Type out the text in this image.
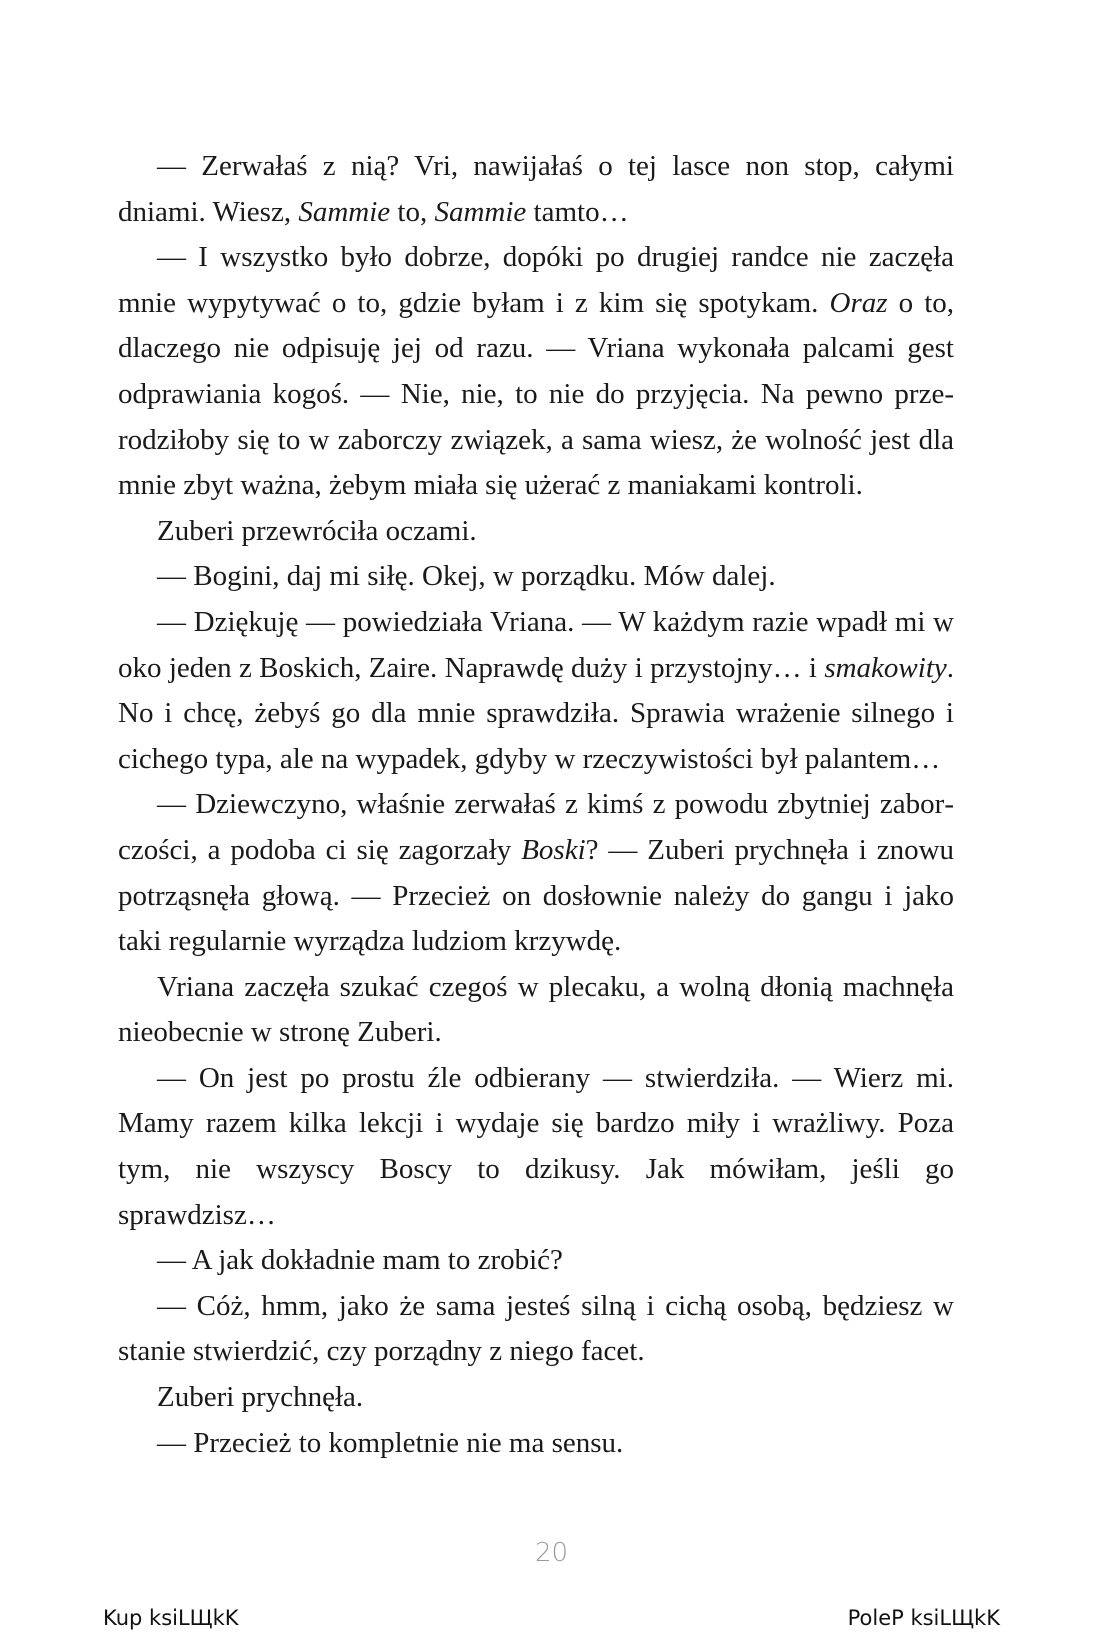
— Zerwałaś z nią? Vri, nawijałaś o tej lasce non stop, całymi dniami. Wiesz, Sammie to, Sammie tamto…

— I wszystko było dobrze, dopóki po drugiej randce nie zaczęła mnie wypytywać o to, gdzie byłam i z kim się spotykam. Oraz o to, dlaczego nie odpisuję jej od razu. — Vriana wykonała palcami gest odprawiania kogoś. — Nie, nie, to nie do przyjęcia. Na pewno przerodziłoby się to w zaborczy związek, a sama wiesz, że wolność jest dla mnie zbyt ważna, żebym miała się użerać z maniakami kontroli.

Zuberi przewróciła oczami.

— Bogini, daj mi siłę. Okej, w porządku. Mów dalej.

— Dziękuję — powiedziała Vriana. — W każdym razie wpadł mi w oko jeden z Boskich, Zaire. Naprawdę duży i przystojny… i smakowity. No i chcę, żebyś go dla mnie sprawdziła. Sprawia wrażenie silnego i cichego typa, ale na wypadek, gdyby w rzeczywistości był palantem…

— Dziewczyno, właśnie zerwałaś z kimś z powodu zbytniej zaborczości, a podoba ci się zagorzały Boski? — Zuberi prychnęła i znowu potrząsnęła głową. — Przecież on dosłownie należy do gangu i jako taki regularnie wyrządza ludziom krzywdę.

Vriana zaczęła szukać czegoś w plecaku, a wolną dłonią machnęła nieobecnie w stronę Zuberi.

— On jest po prostu źle odbierany — stwierdziła. — Wierz mi. Mamy razem kilka lekcji i wydaje się bardzo miły i wrażliwy. Poza tym, nie wszyscy Boscy to dzikusy. Jak mówiłam, jeśli go sprawdzisz…

— A jak dokładnie mam to zrobić?

— Cóż, hmm, jako że sama jesteś silną i cichą osobą, będziesz w stanie stwierdzić, czy porządny z niego facet.

Zuberi prychnęła.

— Przecież to kompletnie nie ma sensu.

20
Kup ksiLЩkK	PoleP ksiLЩkK
